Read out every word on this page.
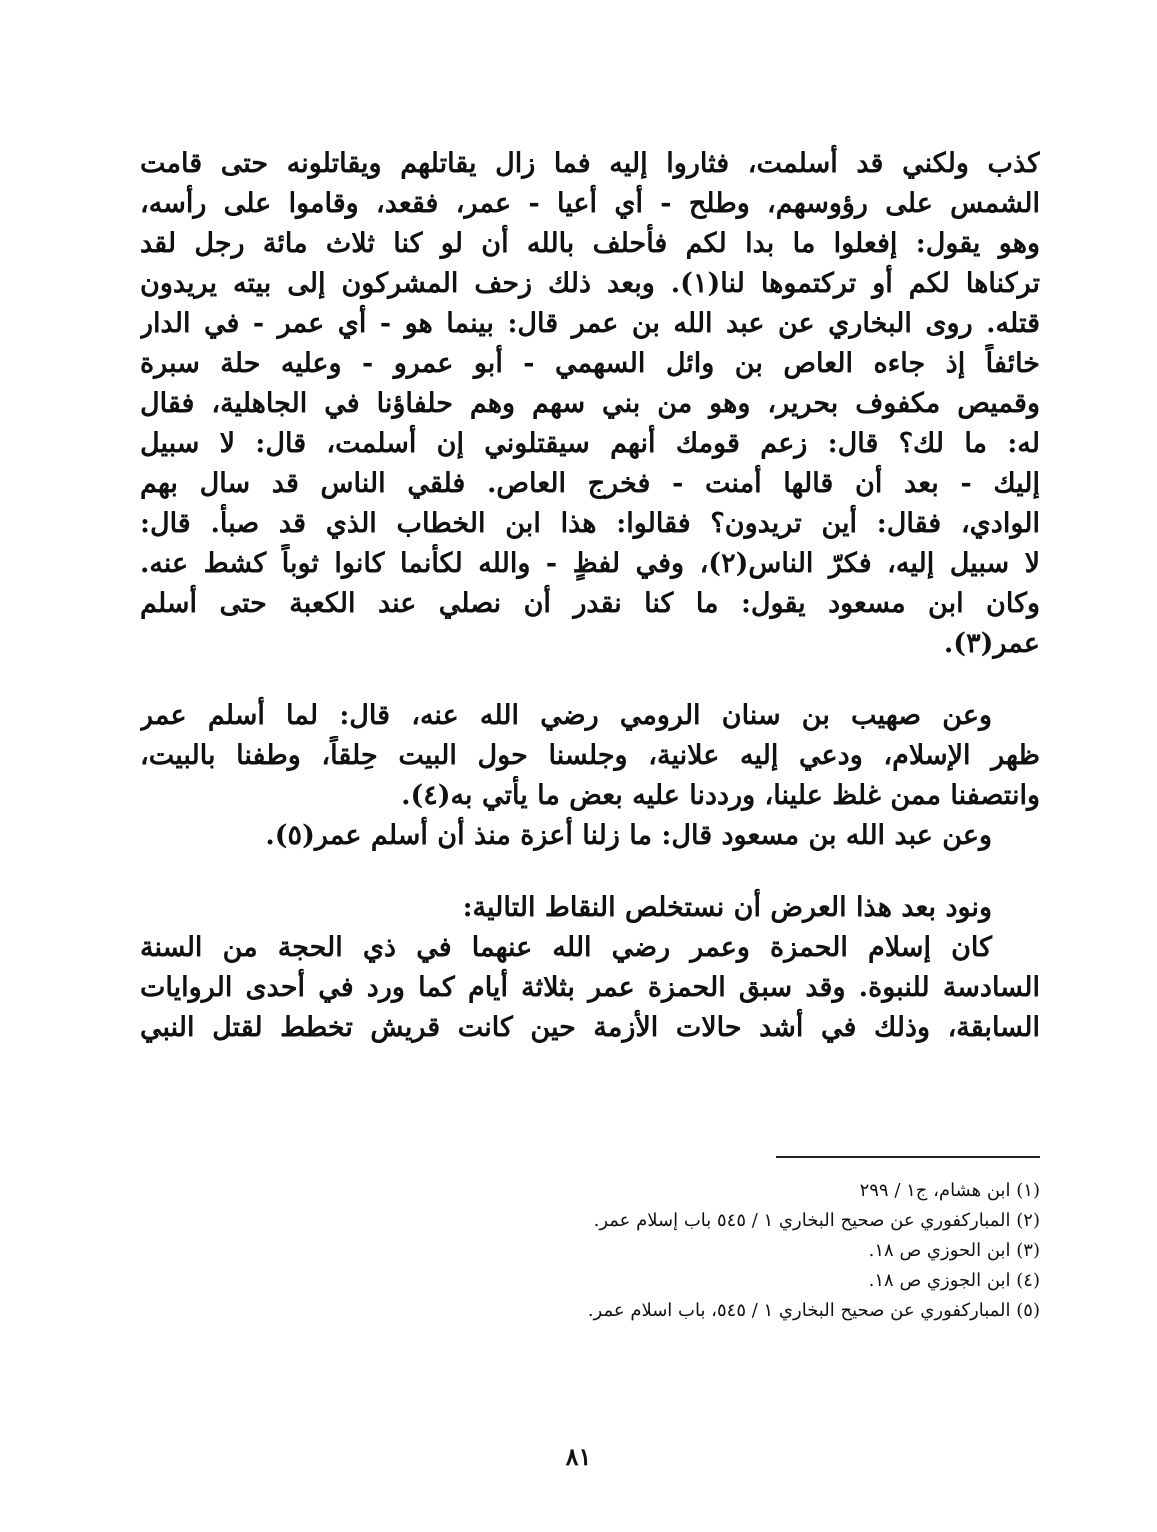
كذب ولكني قد أسلمت، فثاروا إليه فما زال يقاتلهم ويقاتلونه حتى قامت
الشمس على رؤوسهم، وطلح - أي أعيا - عمر، فقعد، وقاموا على رأسه،
وهو يقول: إفعلوا ما بدا لكم فأحلف بالله أن لو كنا ثلاث مائة رجل لقد
تركناها لكم أو تركتموها لنا(١). وبعد ذلك زحف المشركون إلى بيته يريدون
قتله. روى البخاري عن عبد الله بن عمر قال: بينما هو - أي عمر - في الدار
خائفاً إذ جاءه العاص بن وائل السهمي - أبو عمرو - وعليه حلة سبرة
وقميص مكفوف بحرير، وهو من بني سهم وهم حلفاؤنا في الجاهلية، فقال
له: ما لك؟ قال: زعم قومك أنهم سيقتلوني إن أسلمت، قال: لا سبيل
إليك - بعد أن قالها أمنت - فخرج العاص. فلقي الناس قد سال بهم
الوادي، فقال: أين تريدون؟ فقالوا: هذا ابن الخطاب الذي قد صبأ. قال:
لا سبيل إليه، فكرّ الناس(٢)، وفي لفظٍ - والله لكأنما كانوا ثوباً كشط عنه.
وكان ابن مسعود يقول: ما كنا نقدر أن نصلي عند الكعبة حتى أسلم
عمر(٣).
وعن صهيب بن سنان الرومي رضي الله عنه، قال: لما أسلم عمر
ظهر الإسلام، ودعي إليه علانية، وجلسنا حول البيت حِلقاً، وطفنا بالبيت،
وانتصفنا ممن غلظ علينا، ورددنا عليه بعض ما يأتي به(٤).
وعن عبد الله بن مسعود قال: ما زلنا أعزة منذ أن أسلم عمر(٥).
ونود بعد هذا العرض أن نستخلص النقاط التالية:
كان إسلام الحمزة وعمر رضي الله عنهما في ذي الحجة من السنة
السادسة للنبوة. وقد سبق الحمزة عمر بثلاثة أيام كما ورد في أحدى الروايات
السابقة، وذلك في أشد حالات الأزمة حين كانت قريش تخطط لقتل النبي
(١) ابن هشام، ج١ / ٢٩٩
(٢) المباركفوري عن صحيح البخاري ١ / ٥٤٥ باب إسلام عمر.
(٣) ابن الحوزي ص ١٨.
(٤) ابن الجوزي ص ١٨.
(٥) المباركفوري عن صحيح البخاري ١ / ٥٤٥، باب اسلام عمر.
٨١
